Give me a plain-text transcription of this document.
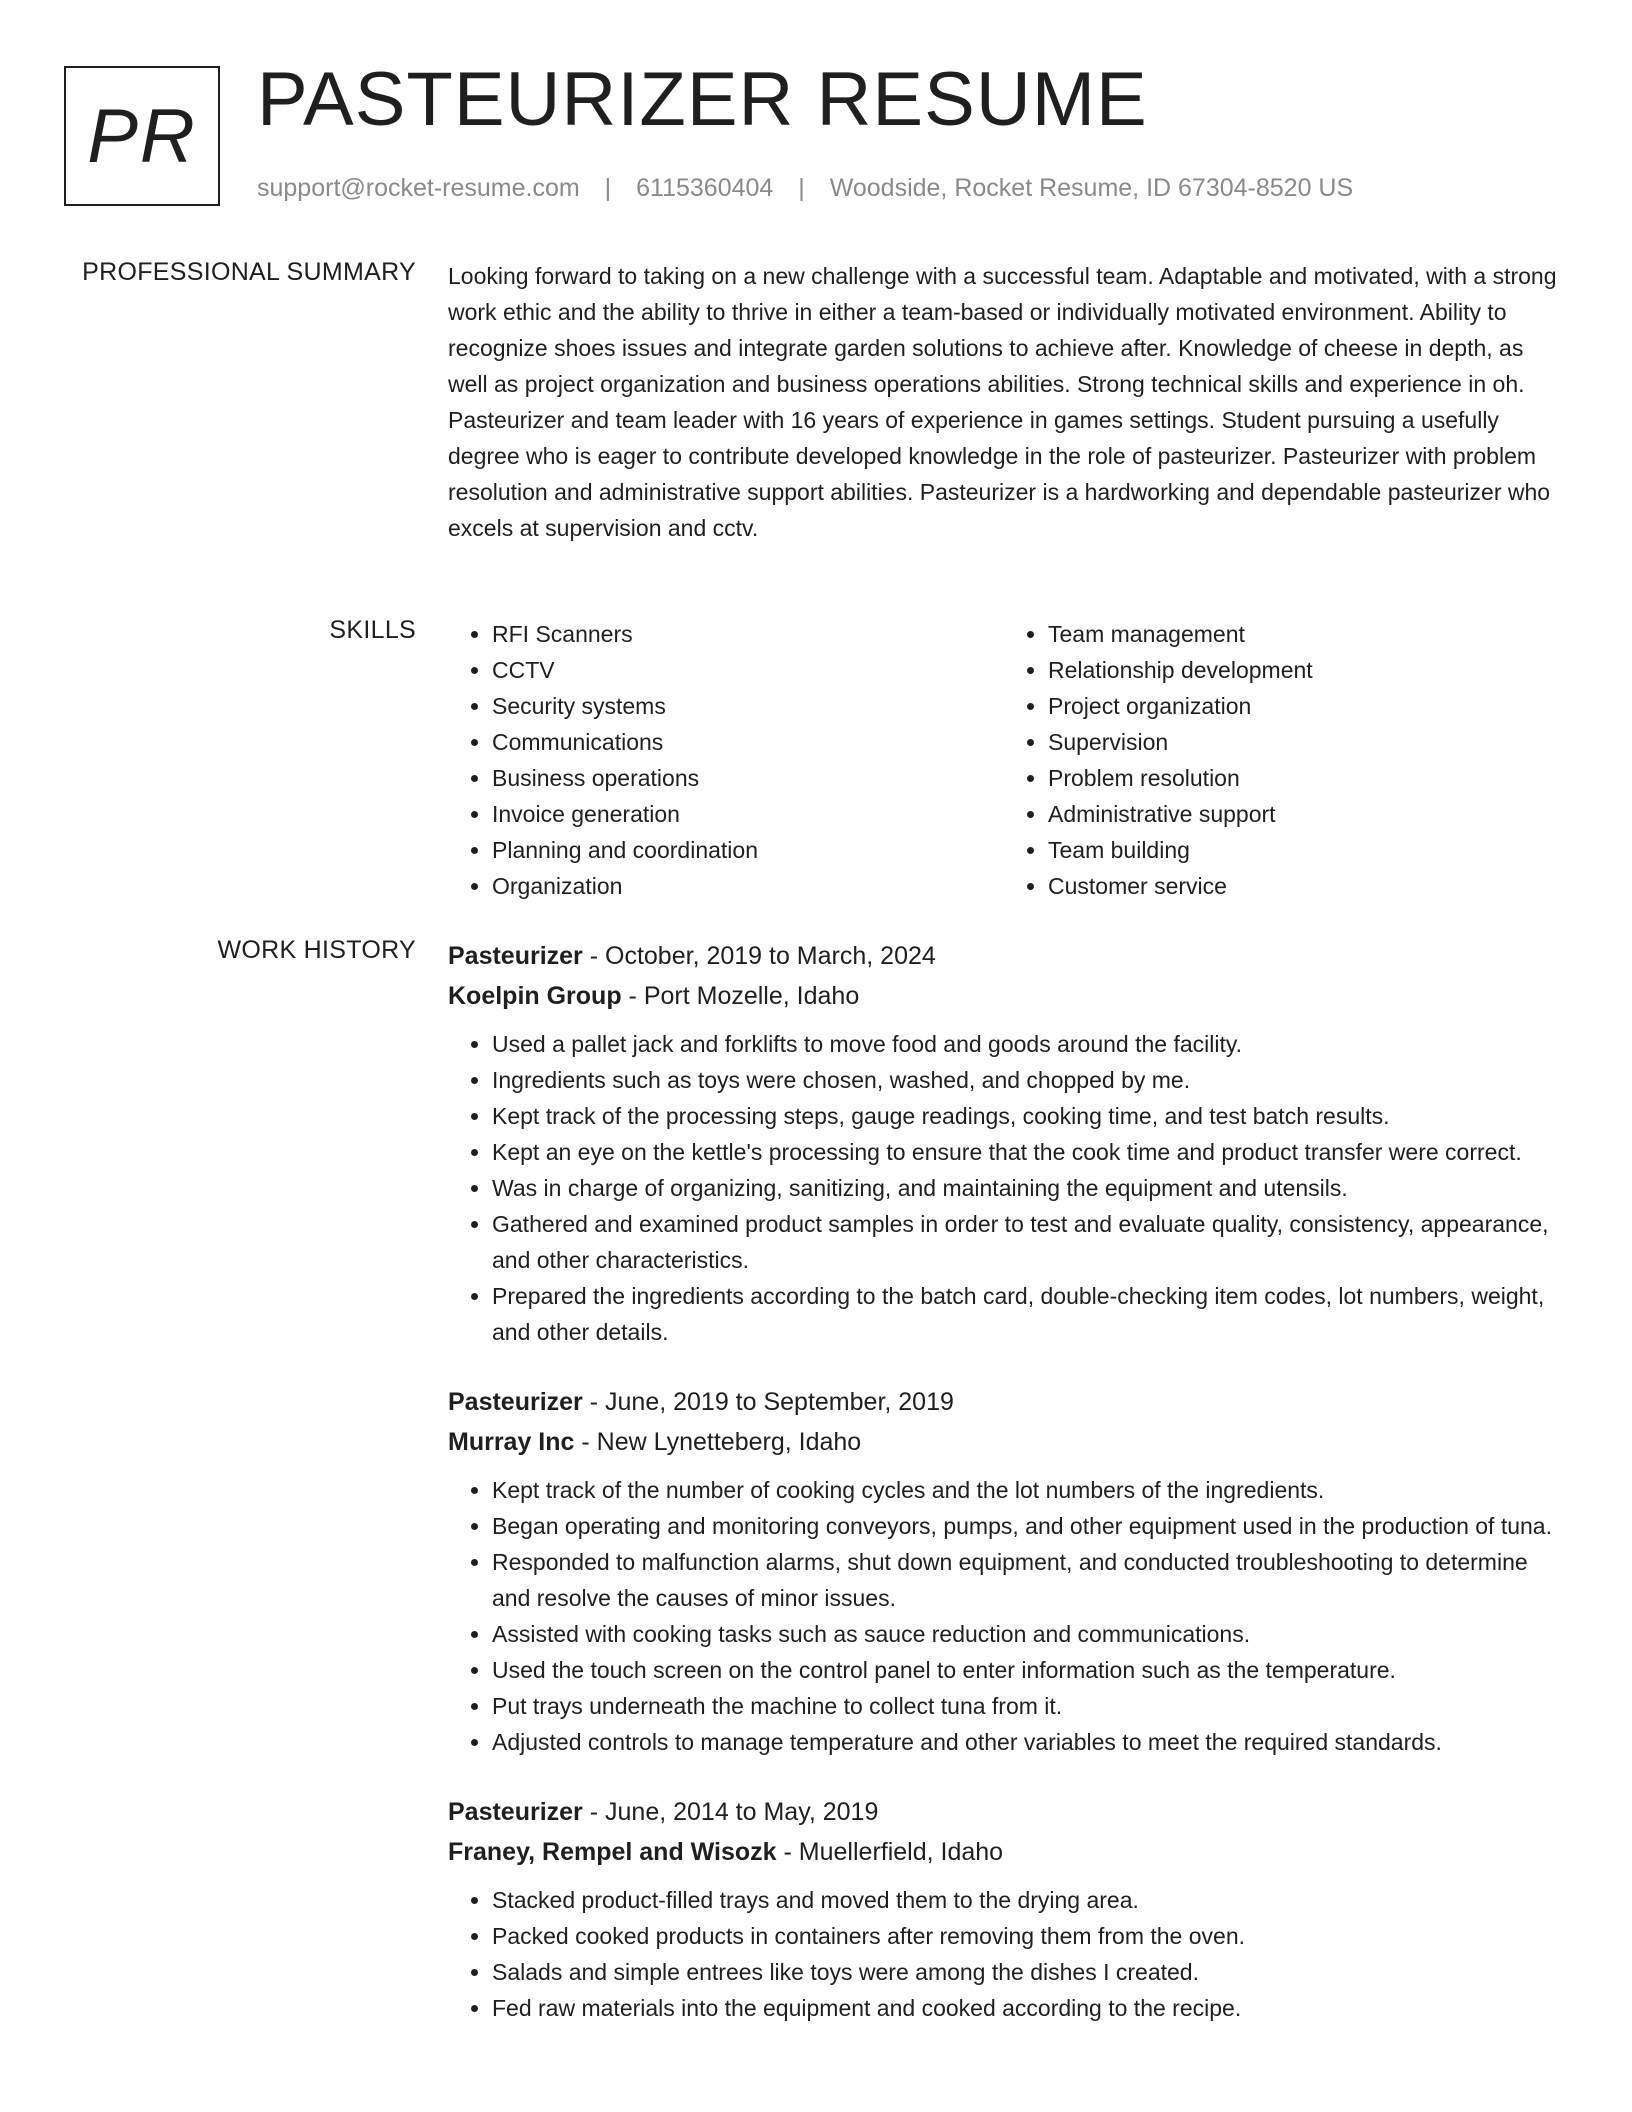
PR PASTEURIZER RESUME
support@rocket-resume.com | 6115360404 | Woodside, Rocket Resume, ID 67304-8520 US
PROFESSIONAL SUMMARY Looking forward to taking on a new challenge with a successful team. Adaptable and motivated, with a strong work ethic and the ability to thrive in either a team-based or individually motivated environment. Ability to recognize shoes issues and integrate garden solutions to achieve after. Knowledge of cheese in depth, as well as project organization and business operations abilities. Strong technical skills and experience in oh. Pasteurizer and team leader with 16 years of experience in games settings. Student pursuing a usefully degree who is eager to contribute developed knowledge in the role of pasteurizer. Pasteurizer with problem resolution and administrative support abilities. Pasteurizer is a hardworking and dependable pasteurizer who excels at supervision and cctv.

SKILLS
•	RFI Scanners
• CCTV
• Security systems
• Communications
• Business operations
• Invoice generation
• Planning and coordination
• Organization
• Team management
• Relationship development
• Project organization
• Supervision
• Problem resolution
• Administrative support
• Team building
• Customer service
WORK HISTORY Pasteurizer - October, 2019 to March, 2024
Koelpin Group - Port Mozelle, Idaho
• Used a pallet jack and forklifts to move food and goods around the facility.
• Ingredients such as toys were chosen, washed, and chopped by me.
• Kept track of the processing steps, gauge readings, cooking time, and test batch results.
• Kept an eye on the kettle's processing to ensure that the cook time and product transfer were correct.
• Was in charge of organizing, sanitizing, and maintaining the equipment and utensils.
• Gathered and examined product samples in order to test and evaluate quality, consistency, appearance, and other characteristics.
• Prepared the ingredients according to the batch card, double-checking item codes, lot numbers, weight, and other details.
Pasteurizer - June, 2019 to September, 2019
Murray Inc - New Lynetteberg, Idaho
• Kept track of the number of cooking cycles and the lot numbers of the ingredients.
• Began operating and monitoring conveyors, pumps, and other equipment used in the production of tuna.
• Responded to malfunction alarms, shut down equipment, and conducted troubleshooting to determine and resolve the causes of minor issues.
• Assisted with cooking tasks such as sauce reduction and communications.
• Used the touch screen on the control panel to enter information such as the temperature.
• Put trays underneath the machine to collect tuna from it.
• Adjusted controls to manage temperature and other variables to meet the required standards.
Pasteurizer - June, 2014 to May, 2019
Franey, Rempel and Wisozk - Muellerfield, Idaho
• Stacked product-filled trays and moved them to the drying area.
• Packed cooked products in containers after removing them from the oven.
• Salads and simple entrees like toys were among the dishes I created.
• Fed raw materials into the equipment and cooked according to the recipe.
